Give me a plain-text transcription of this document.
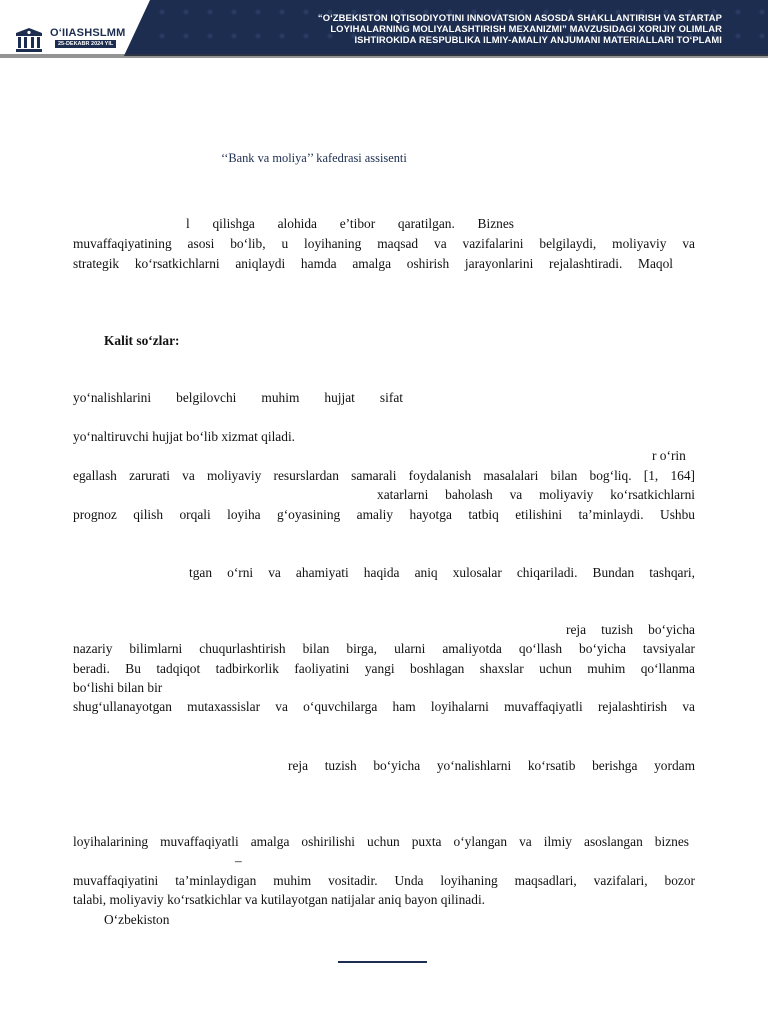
O‘IIASHSLMM
25-DEKABR 2024 YIL
“O‘ZBEKISTON IQTISODIYOTINI INNOVATSION ASOSDA SHAKLLANTIRISH VA STARTAP
LOYIHALARNING MOLIYALASHTIRISH MEXANIZMI” MAVZUSIDAGI XORIJIY OLIMLAR
ISHTIROKIDA RESPUBLIKA ILMIY-AMALIY ANJUMANI MATERIALLARI TO‘PLAMI
‘‘Bank va moliya’’ kafedrasi assisenti
l qilishga alohida e’tibor qaratilgan. Biznes
muvaffaqiyatining asosi bo‘lib, u loyihaning maqsad va vazifalarini belgilaydi, moliyaviy va
strategik ko‘rsatkichlarni aniqlaydi hamda amalga oshirish jarayonlarini rejalashtiradi. Maqol
Kalit so‘zlar:
yo‘nalishlarini belgilovchi muhim hujjat sifat
yo‘naltiruvchi hujjat bo‘lib xizmat qiladi.
r o‘rin
egallash zarurati va moliyaviy resurslardan samarali foydalanish masalalari bilan bog‘liq. [1, 164]
xatarlarni baholash va moliyaviy ko‘rsatkichlarni
prognoz qilish orqali loyiha g‘oyasining amaliy hayotga tatbiq etilishini ta’minlaydi. Ushbu
tgan o‘rni va ahamiyati haqida aniq xulosalar chiqariladi. Bundan tashqari,
reja tuzish bo‘yicha
nazariy bilimlarni chuqurlashtirish bilan birga, ularni amaliyotda qo‘llash bo‘yicha tavsiyalar
beradi. Bu tadqiqot tadbirkorlik faoliyatini yangi boshlagan shaxslar uchun muhim qo‘llanma
bo‘lishi bilan bir
shug‘ullanayotgan mutaxassislar va o‘quvchilarga ham loyihalarni muvaffaqiyatli rejalashtirish va
reja tuzish bo‘yicha yo‘nalishlarni ko‘rsatib berishga yordam
loyihalarining muvaffaqiyatli amalga oshirilishi uchun puxta o‘ylangan va ilmiy asoslangan biznes
–
muvaffaqiyatini ta’minlaydigan muhim vositadir. Unda loyihaning maqsadlari, vazifalari, bozor
talabi, moliyaviy ko‘rsatkichlar va kutilayotgan natijalar aniq bayon qilinadi.
O‘zbekiston
